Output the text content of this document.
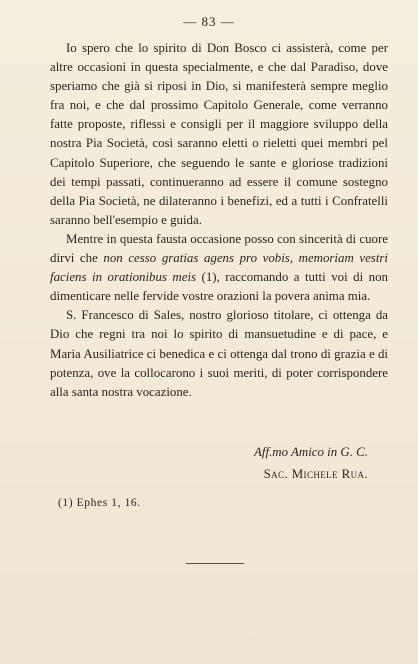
— 83 —

Io spero che lo spirito di Don Bosco ci assisterà, come per altre occasioni in questa specialmente, e che dal Paradiso, dove speriamo che già si riposi in Dio, si manifesterà sempre meglio fra noi, e che dal prossimo Capitolo Generale, come verranno fatte proposte, riflessi e consigli per il maggiore sviluppo della nostra Pia Società, così saranno eletti o rieletti quei membri pel Capitolo Superiore, che seguendo le sante e gloriose tradizioni dei tempi passati, continueranno ad essere il comune sostegno della Pia Società, ne dilateranno i benefizi, ed a tutti i Confratelli saranno bell'esempio e guida.

Mentre in questa fausta occasione posso con sincerità di cuore dirvi che non cesso gratias agens pro vobis, memoriam vestri faciens in orationibus meis (1), raccomando a tutti voi di non dimenticare nelle fervide vostre orazioni la povera anima mia.

S. Francesco di Sales, nostro glorioso titolare, ci ottenga da Dio che regni tra noi lo spirito di mansuetudine e di pace, e Maria Ausiliatrice ci benedica e ci ottenga dal trono di grazia e di potenza, ove la collocarono i suoi meriti, di poter corrispondere alla santa nostra vocazione.

Aff.mo Amico in G. C.
Sac. Michele Rua.
(1) Ephes 1, 16.
